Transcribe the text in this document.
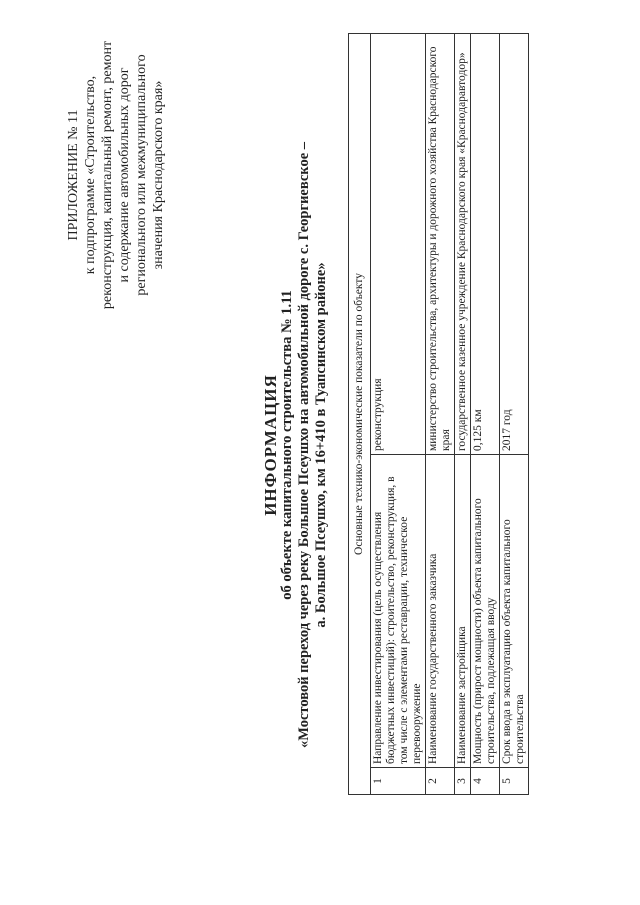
ПРИЛОЖЕНИЕ № 11 к подпрограмме «Строительство, реконструкция, капитальный ремонт, ремонт и содержание автомобильных дорог регионального или межмуниципального значения Краснодарского края»
ИНФОРМАЦИЯ об объекте капитального строительства № 1.11 «Мостовой переход через реку Большое Псеушхо на автомобильной дороге с. Георгиевское – а. Большое Псеушхо, км 16+410 в Туапсинском районе» Основные технико-экономические показатели по объекту		
1	Направление инвестирования (цель осуществления бюджетных инвестиций): строительство, реконструкция, в том числе с элементами реставрации, техническое перевооружение	реконструкция
2	Наименование государственного заказчика	министерство строительства, архитектуры и дорожного хозяйства Краснодарского края
3	Наименование застройщика	государственное казенное учреждение Краснодарского края «Краснодаравтодор»
4	Мощность (прирост мощности) объекта капитального строительства, подлежащая вводу	0,125 км
5	Срок ввода в эксплуатацию объекта капитального строительства	2017 год
